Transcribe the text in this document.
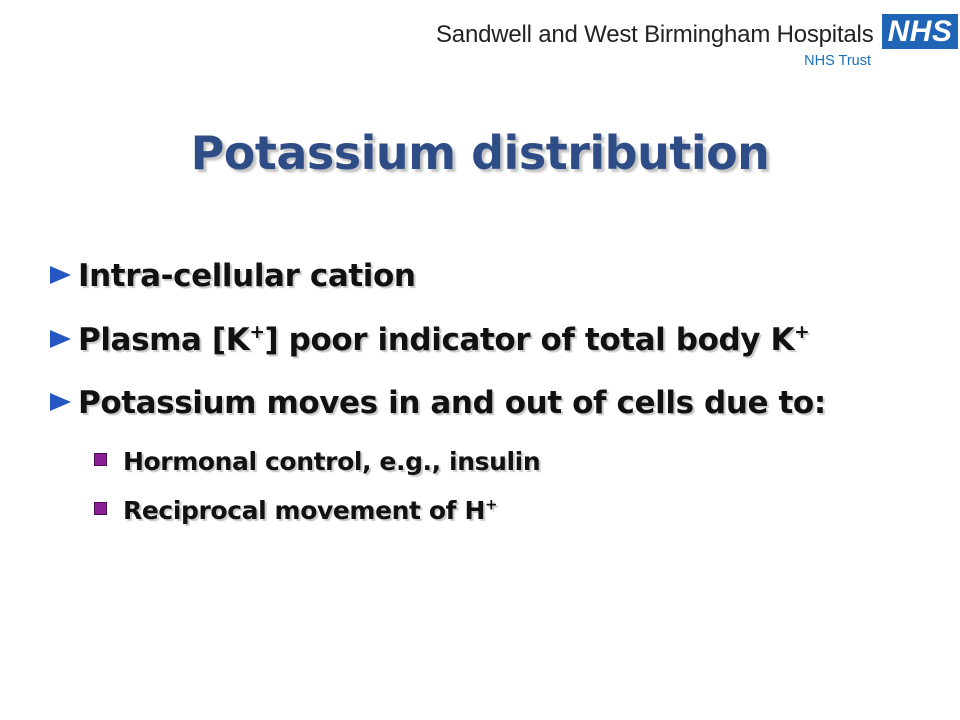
Sandwell and West Birmingham Hospitals
NHS Trust
NHS
Potassium distribution
Intra-cellular cation
Plasma [K+] poor indicator of total body K+
Potassium moves in and out of cells due to:
Hormonal control, e.g., insulin
Reciprocal movement of H+
